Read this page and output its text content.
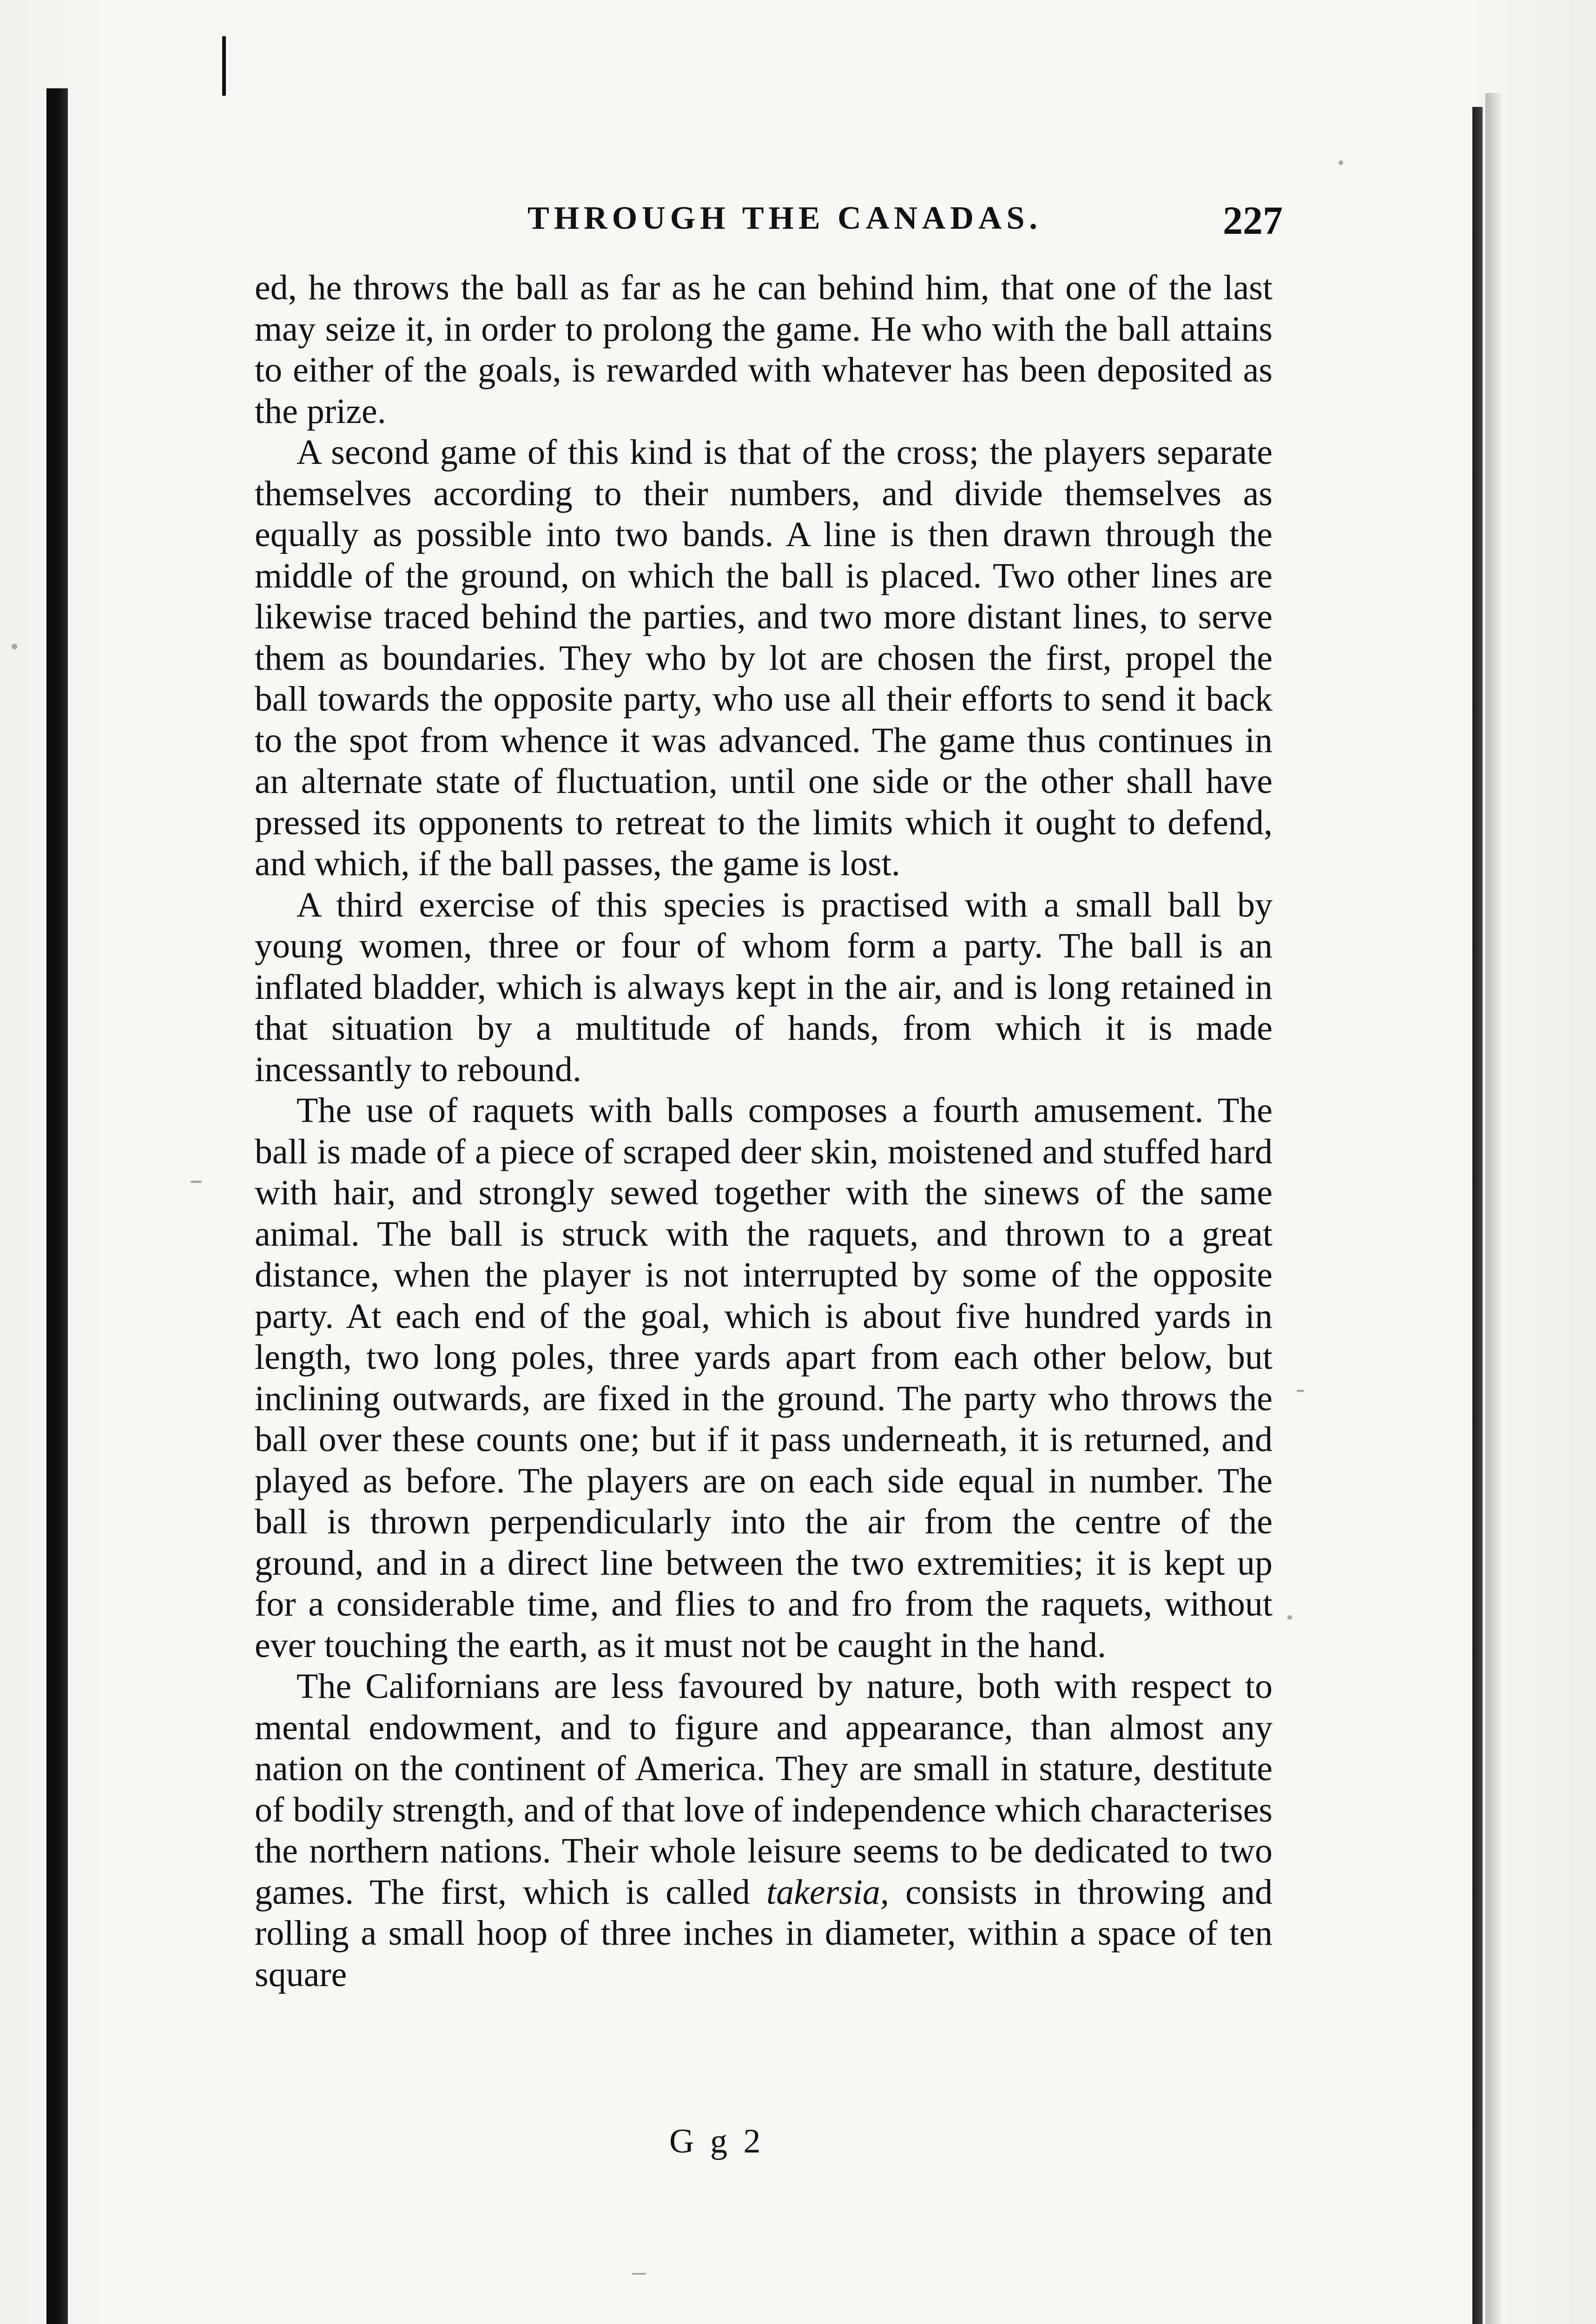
THROUGH THE CANADAS.	227

ed, he throws the ball as far as he can behind him, that one of the last may seize it, in order to prolong the game. He who with the ball attains to either of the goals, is rewarded with whatever has been deposited as the prize.

A second game of this kind is that of the cross; the players separate themselves according to their numbers, and divide themselves as equally as possible into two bands. A line is then drawn through the middle of the ground, on which the ball is placed. Two other lines are likewise traced behind the parties, and two more distant lines, to serve them as boundaries. They who by lot are chosen the first, propel the ball towards the opposite party, who use all their efforts to send it back to the spot from whence it was advanced. The game thus continues in an alternate state of fluctuation, until one side or the other shall have pressed its opponents to retreat to the limits which it ought to defend, and which, if the ball passes, the game is lost.

A third exercise of this species is practised with a small ball by young women, three or four of whom form a party. The ball is an inflated bladder, which is always kept in the air, and is long retained in that situation by a multitude of hands, from which it is made incessantly to rebound.

The use of raquets with balls composes a fourth amusement. The ball is made of a piece of scraped deer skin, moistened and stuffed hard with hair, and strongly sewed together with the sinews of the same animal. The ball is struck with the raquets, and thrown to a great distance, when the player is not interrupted by some of the opposite party. At each end of the goal, which is about five hundred yards in length, two long poles, three yards apart from each other below, but inclining outwards, are fixed in the ground. The party who throws the ball over these counts one; but if it pass underneath, it is returned, and played as before. The players are on each side equal in number. The ball is thrown perpendicularly into the air from the centre of the ground, and in a direct line between the two extremities; it is kept up for a considerable time, and flies to and fro from the raquets, without ever touching the earth, as it must not be caught in the hand.

The Californians are less favoured by nature, both with respect to mental endowment, and to figure and appearance, than almost any nation on the continent of America. They are small in stature, destitute of bodily strength, and of that love of independence which characterises the northern nations. Their whole leisure seems to be dedicated to two games. The first, which is called takersia, consists in throwing and rolling a small hoop of three inches in diameter, within a space of ten square

G g 2
